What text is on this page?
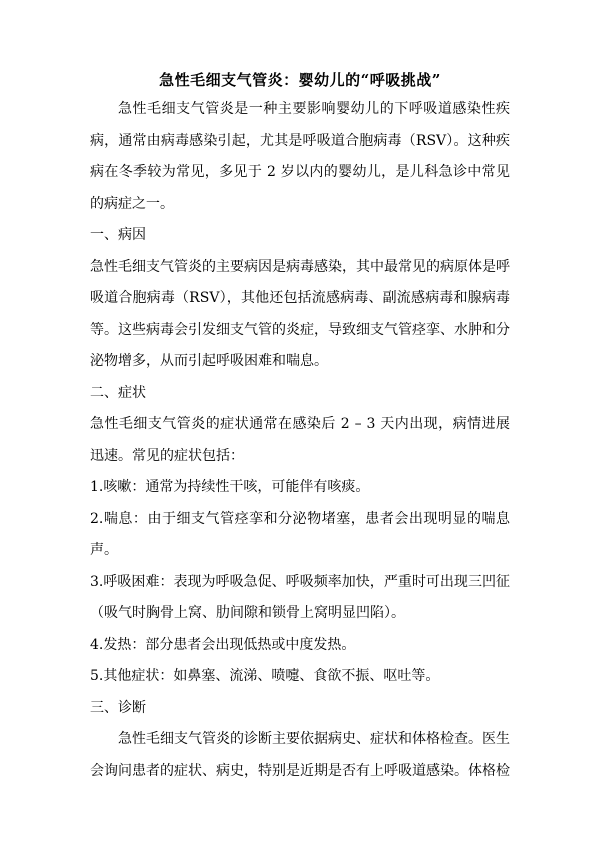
急性毛细支气管炎：婴幼儿的“呼吸挑战”

急性毛细支气管炎是一种主要影响婴幼儿的下呼吸道感染性疾病，通常由病毒感染引起，尤其是呼吸道合胞病毒（RSV）。这种疾病在冬季较为常见，多见于 2 岁以内的婴幼儿，是儿科急诊中常见的病症之一。

一、病因

急性毛细支气管炎的主要病因是病毒感染，其中最常见的病原体是呼吸道合胞病毒（RSV），其他还包括流感病毒、副流感病毒和腺病毒等。这些病毒会引发细支气管的炎症，导致细支气管痉挛、水肿和分泌物增多，从而引起呼吸困难和喘息。

二、症状

急性毛细支气管炎的症状通常在感染后 2 – 3 天内出现，病情进展迅速。常见的症状包括：

1.咳嗽：通常为持续性干咳，可能伴有咳痰。

2.喘息：由于细支气管痉挛和分泌物堵塞，患者会出现明显的喘息声。

3.呼吸困难：表现为呼吸急促、呼吸频率加快，严重时可出现三凹征（吸气时胸骨上窝、肋间隙和锁骨上窝明显凹陷）。

4.发热：部分患者会出现低热或中度发热。

5.其他症状：如鼻塞、流涕、喷嚏、食欲不振、呕吐等。

三、诊断

急性毛细支气管炎的诊断主要依据病史、症状和体格检查。医生会询问患者的症状、病史，特别是近期是否有上呼吸道感染。体格检
